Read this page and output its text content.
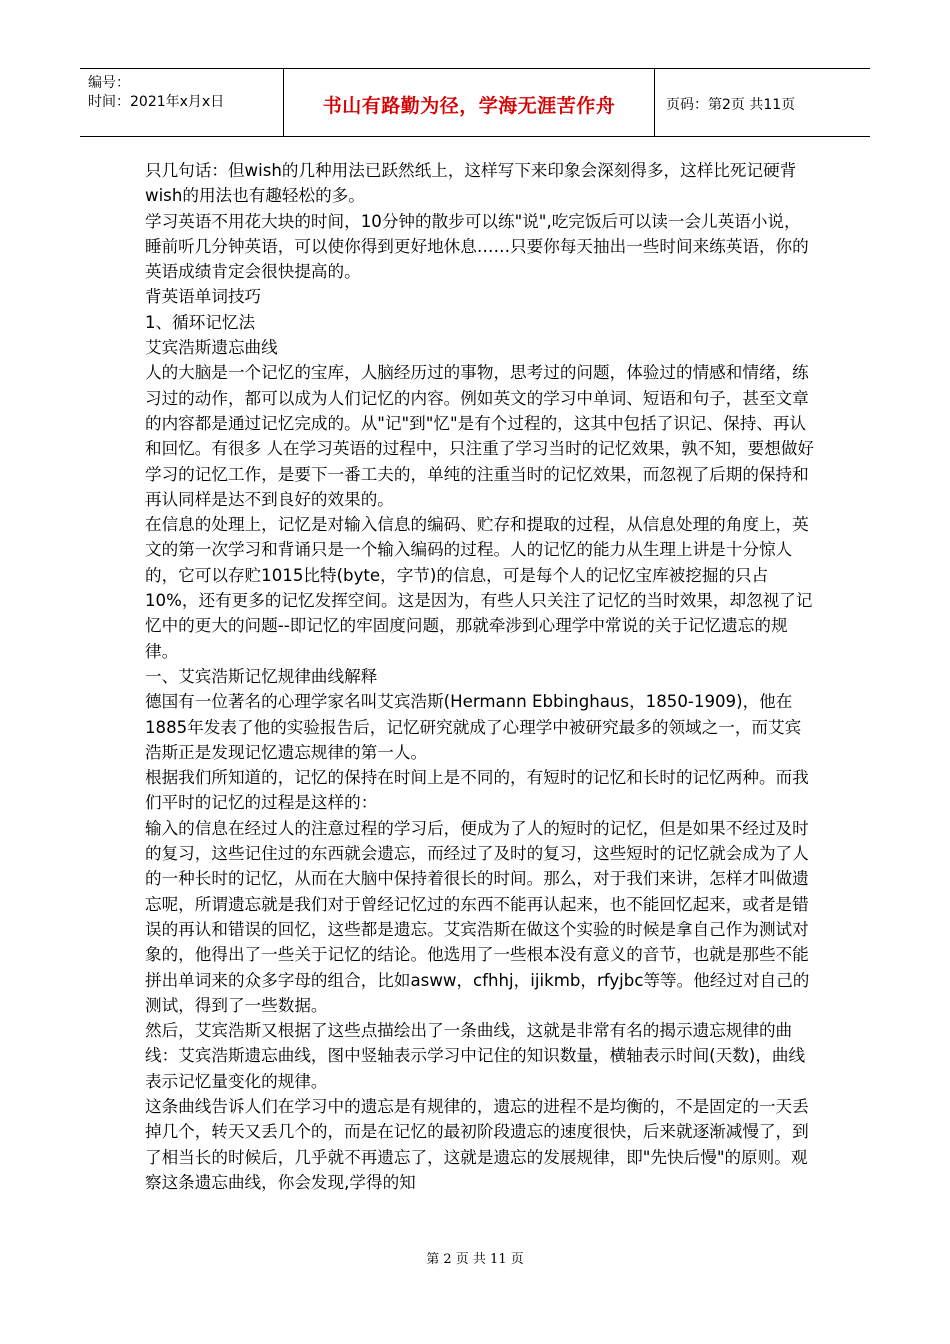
编号：
时间：2021年x月x日	书山有路勤为径，学海无涯苦作舟	页码：第2页 共11页

只几句话：但wish的几种用法已跃然纸上，这样写下来印象会深刻得多，这样比死记硬背wish的用法也有趣轻松的多。

学习英语不用花大块的时间，10分钟的散步可以练"说",吃完饭后可以读一会儿英语小说，睡前听几分钟英语，可以使你得到更好地休息……只要你每天抽出一些时间来练英语，你的英语成绩肯定会很快提高的。

背英语单词技巧

1、循环记忆法

艾宾浩斯遗忘曲线

人的大脑是一个记忆的宝库，人脑经历过的事物，思考过的问题，体验过的情感和情绪，练习过的动作，都可以成为人们记忆的内容。例如英文的学习中单词、短语和句子，甚至文章的内容都是通过记忆完成的。从"记"到"忆"是有个过程的，这其中包括了识记、保持、再认和回忆。有很多 人在学习英语的过程中，只注重了学习当时的记忆效果，孰不知，要想做好学习的记忆工作，是要下一番工夫的，单纯的注重当时的记忆效果，而忽视了后期的保持和再认同样是达不到良好的效果的。

在信息的处理上，记忆是对输入信息的编码、贮存和提取的过程，从信息处理的角度上，英文的第一次学习和背诵只是一个输入编码的过程。人的记忆的能力从生理上讲是十分惊人的，它可以存贮1015比特(byte，字节)的信息，可是每个人的记忆宝库被挖掘的只占10%，还有更多的记忆发挥空间。这是因为，有些人只关注了记忆的当时效果，却忽视了记忆中的更大的问题--即记忆的牢固度问题，那就牵涉到心理学中常说的关于记忆遗忘的规律。

一、艾宾浩斯记忆规律曲线解释

德国有一位著名的心理学家名叫艾宾浩斯(Hermann Ebbinghaus，1850-1909)，他在1885年发表了他的实验报告后，记忆研究就成了心理学中被研究最多的领域之一，而艾宾浩斯正是发现记忆遗忘规律的第一人。

根据我们所知道的，记忆的保持在时间上是不同的，有短时的记忆和长时的记忆两种。而我们平时的记忆的过程是这样的：

输入的信息在经过人的注意过程的学习后，便成为了人的短时的记忆，但是如果不经过及时的复习，这些记住过的东西就会遗忘，而经过了及时的复习，这些短时的记忆就会成为了人的一种长时的记忆，从而在大脑中保持着很长的时间。那么，对于我们来讲，怎样才叫做遗忘呢，所谓遗忘就是我们对于曾经记忆过的东西不能再认起来，也不能回忆起来，或者是错误的再认和错误的回忆，这些都是遗忘。艾宾浩斯在做这个实验的时候是拿自己作为测试对象的，他得出了一些关于记忆的结论。他选用了一些根本没有意义的音节，也就是那些不能拼出单词来的众多字母的组合，比如asww，cfhhj，ijikmb，rfyjbc等等。他经过对自己的测试，得到了一些数据。

然后，艾宾浩斯又根据了这些点描绘出了一条曲线，这就是非常有名的揭示遗忘规律的曲线：艾宾浩斯遗忘曲线，图中竖轴表示学习中记住的知识数量，横轴表示时间(天数)，曲线表示记忆量变化的规律。

这条曲线告诉人们在学习中的遗忘是有规律的，遗忘的进程不是均衡的，不是固定的一天丢掉几个，转天又丢几个的，而是在记忆的最初阶段遗忘的速度很快，后来就逐渐减慢了，到了相当长的时候后，几乎就不再遗忘了，这就是遗忘的发展规律，即"先快后慢"的原则。观察这条遗忘曲线，你会发现,学得的知

第 2 页 共 11 页
